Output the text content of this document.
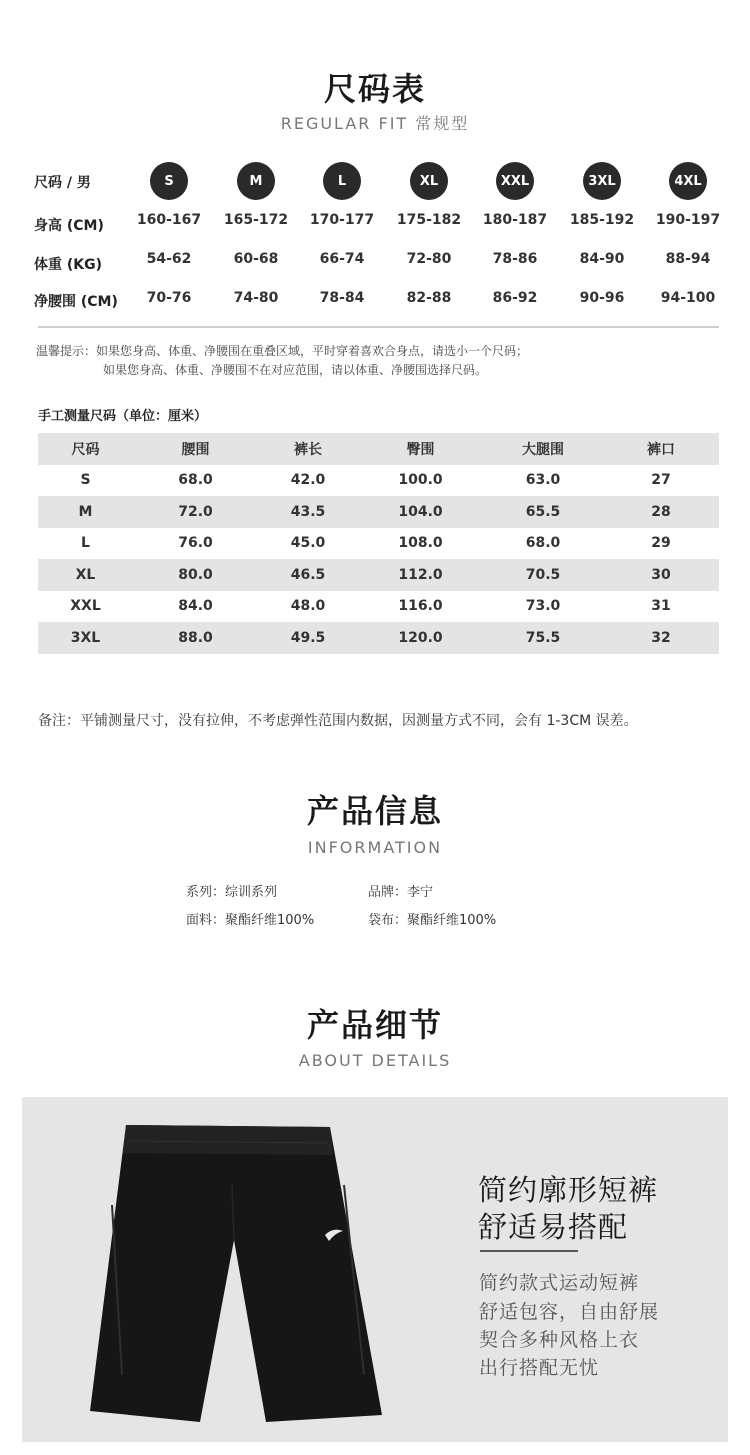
尺码表
REGULAR FIT 常规型
尺码 / 男	S	M	L	XL	XXL	3XL	4XL
身高 (CM)	160-167	165-172	170-177	175-182	180-187	185-192	190-197
体重 (KG)	54-62	60-68	66-74	72-80	78-86	84-90	88-94
净腰围 (CM)	70-76	74-80	78-84	82-88	86-92	90-96	94-100
温馨提示：如果您身高、体重、净腰围在重叠区域，平时穿着喜欢合身点，请选小一个尺码；
如果您身高、体重、净腰围不在对应范围，请以体重、净腰围选择尺码。
手工测量尺码（单位：厘米）
尺码	腰围	裤长	臀围	大腿围	裤口
S	68.0	42.0	100.0	63.0	27
M	72.0	43.5	104.0	65.5	28
L	76.0	45.0	108.0	68.0	29
XL	80.0	46.5	112.0	70.5	30
XXL	84.0	48.0	116.0	73.0	31
3XL	88.0	49.5	120.0	75.5	32
备注：平铺测量尺寸，没有拉伸，不考虑弹性范围内数据，因测量方式不同，会有 1-3CM 误差。
产品信息
INFORMATION
系列：综训系列	品牌：李宁
面料：聚酯纤维100%	袋布：聚酯纤维100%
产品细节
ABOUT DETAILS
简约廓形短裤
舒适易搭配
简约款式运动短裤
舒适包容，自由舒展
契合多种风格上衣
出行搭配无忧
